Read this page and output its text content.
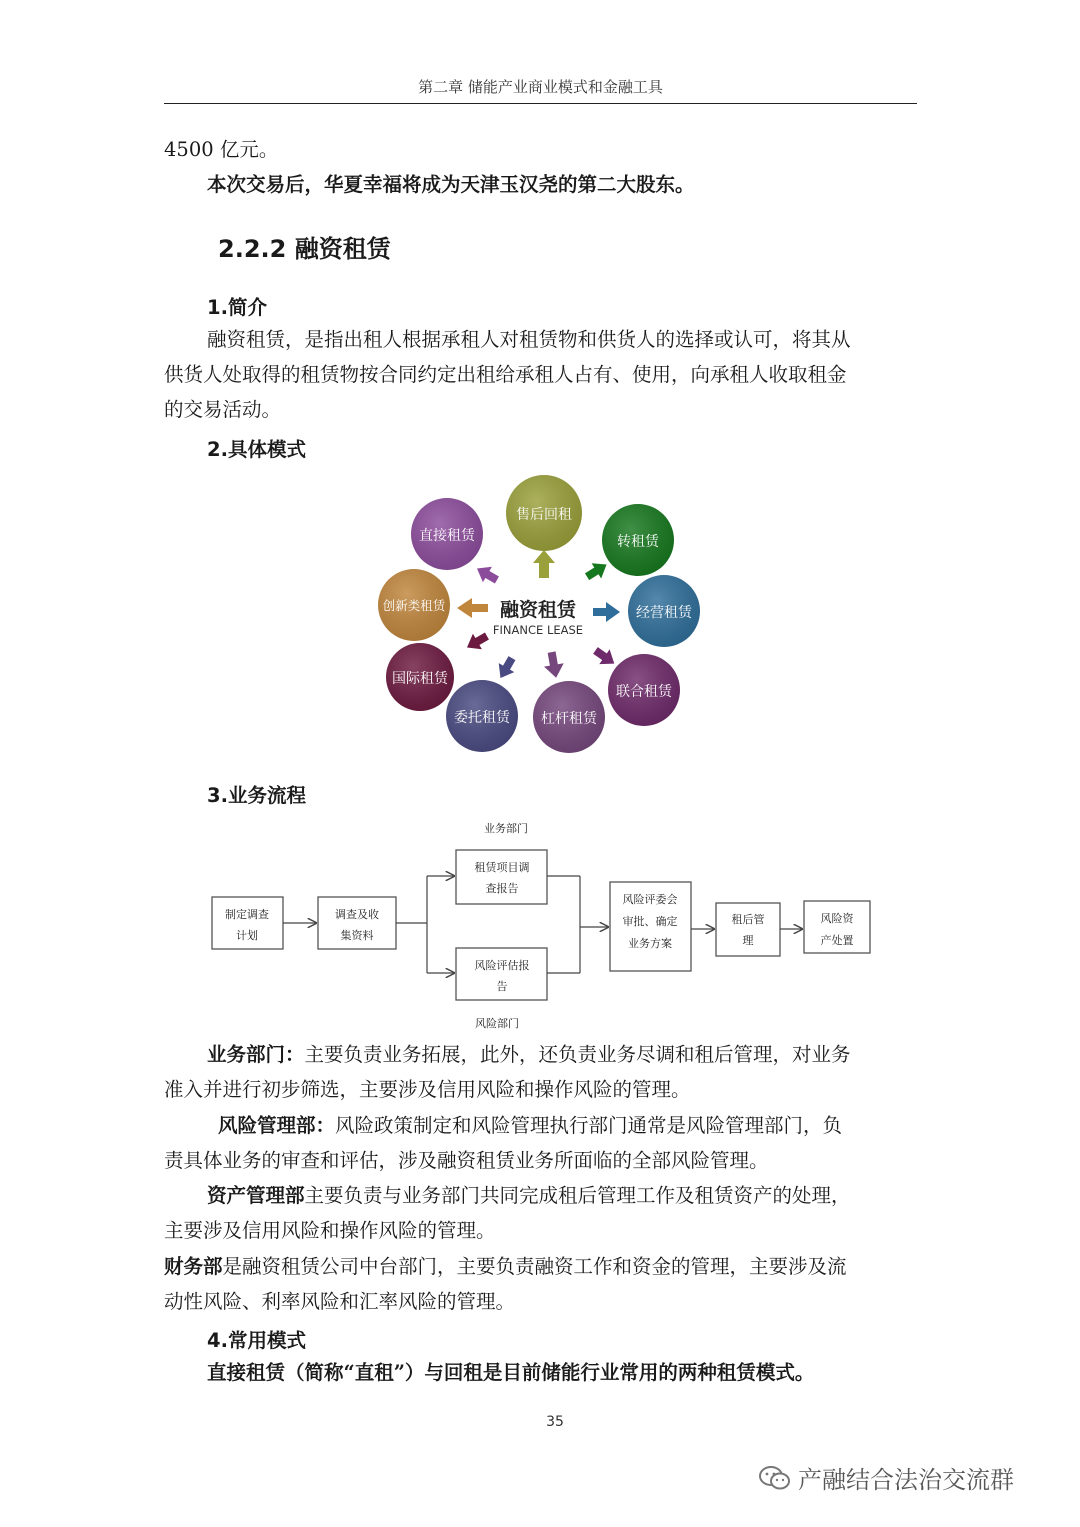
第二章 储能产业商业模式和金融工具
4500 亿元。
本次交易后，华夏幸福将成为天津玉汉尧的第二大股东。
2.2.2 融资租赁
1.简介
融资租赁，是指出租人根据承租人对租赁物和供货人的选择或认可，将其从
供货人处取得的租赁物按合同约定出租给承租人占有、使用，向承租人收取租金
的交易活动。
2.具体模式
售后回租
转租赁
经营租赁
联合租赁
杠杆租赁
委托租赁
国际租赁
创新类租赁
直接租赁
融资租赁
FINANCE LEASE
3.业务流程
业务部门
风险部门
制定调查
计划
调查及收
集资料
租赁项目调
查报告
风险评估报
告
风险评委会
审批、确定
业务方案
租后管
理
风险资
产处置
业务部门：主要负责业务拓展，此外，还负责业务尽调和租后管理，对业务
准入并进行初步筛选，主要涉及信用风险和操作风险的管理。
风险管理部：风险政策制定和风险管理执行部门通常是风险管理部门，负
责具体业务的审查和评估，涉及融资租赁业务所面临的全部风险管理。
资产管理部主要负责与业务部门共同完成租后管理工作及租赁资产的处理，
主要涉及信用风险和操作风险的管理。
财务部是融资租赁公司中台部门，主要负责融资工作和资金的管理，主要涉及流
动性风险、利率风险和汇率风险的管理。
4.常用模式
直接租赁（简称“直租”）与回租是目前储能行业常用的两种租赁模式。
35
产融结合法治交流群
